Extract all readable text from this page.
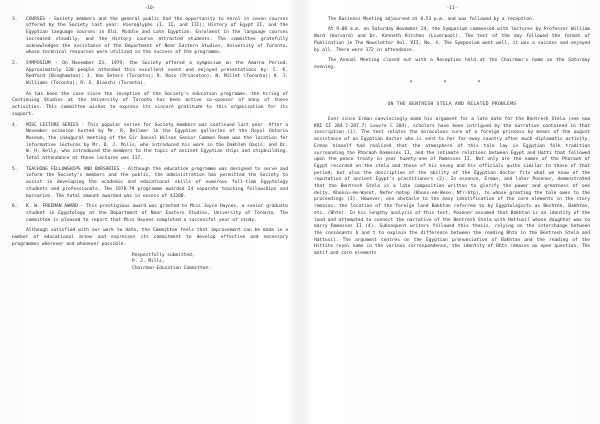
-10-
3.	COURSES - Society members and the general public had the opportunity to enrol in seven courses offered by the Society last year: Hieroglyphs (I, II, and III); History of Egypt II, and the Egyptian language courses in Old, Middle and Late Egyptian. Enrolment in the language courses increased steadily, and the History course attracted students. The committee gratefully acknowledges the assistance of the Department of Near Eastern Studies, University of Toronto, whose technical resources were utilized in the success of the programme.
2.	SYMPOSIUM - On November 23, 1979, the Society offered a symposium on the Amarna Period. Approximately 120 people attended this excellent event and enjoyed presentations by: C. K. Redford (Binghamton); J. Van Seters (Toronto); R. Ross (Princeton); N. Millet (Toronto); K. J. Williams (Toronto); R. S. Bianchi (Toronto).
As has been the case since the inception of the Society's education programme, the hiring of Continuing Studies at the University of Toronto has been active co-sponsor of many of these activities. This committee wishes to express its sincere gratitude to this organization for its support.
4.	MISC LECTURE SERIES - This popular series for Society members was continued last year. After a November occasion hosted by Mr. R. Bellmer in the Egyptian galleries of the Royal Ontario Museum, the inaugural meeting of the Sir Daniel Wilson Senior Common Room was the location for informative lectures by Mr. D. J. Mills, who introduced his work in the Dakhleh Oasis, and Dr. W. H. Kelly, who introduced the members to the topic of ancient Egyptian ships and shipbuilding. Total attendance at these lectures was 117.
5.	TEACHING FELLOWSHIPS AND BURSARIES - Although the education programme was designed to serve and inform the Society's members and the public, the administration has permitted the Society to assist in developing the academic and educational skills of numerous full-time Egyptology students and professionals. The 1978-79 programme awarded 24 separate teaching fellowships and bursaries. The total amount awarded was in excess of $3200.
6.	K. W. FREEMAN AWARD - This prestigious award was granted to Miss Joyce Haynes, a senior graduate student in Egyptology at the Department of Near Eastern Studies, University of Toronto. The committee is pleased to report that Miss Haynes completed a successful year of study.
Although satisfied with our work to date, the Committee feels that improvement can be made in a number of educational areas and expresses its commitment to develop effective and necessary programmes wherever and whenever possible.
Respectfully submitted,
P. J. Mills,
Chairman-Education Committee.
-11-
The Business Meeting adjourned at 8.53 p.m. and was followed by a reception.
At 9.00 a.m. on Saturday November 24, the Symposium commenced with lectures by Professor William Ward (Harvard) and Dr. Kenneth Kitchen (Liverpool). The text of the day followed the format of Publication in The Newsletter Vol. VII, No. 4. The Symposium went well, it was a success and enjoyed by all. There were 172 in attendance.
The Annual Meeting closed out with a Reception held at the Chairman's home on the Saturday evening.
* * *
ON THE BENTRESH STELA AND RELATED PROBLEMS
Ever since Erman convincingly made his argument for a late date for the Bentresh Stela (see now KRI II 284.7-287.7; Louvre C 284), scholars have been intrigued by the narrative contained in that inscription (1). The text relates the miraculous cure of a foreign princess by means of the august assistance of an Egyptian doctor who is sent to her far-away country after much diplomatic activity. Erman himself had realized that the atmosphere of this tale lay in Egyptian folk tradition surrounding the Pharaoh Ramesses II, and the intimate relations between Egypt and Hatti that followed upon the peace treaty in year twenty-one of Ramesses II. Not only are the names of the Pharaoh of Egypt recorded on the stela and those of his envoy and his officials quite similar to those of that period, but also the description of the ability of the Egyptian doctor fits what we know of the reputation of ancient Egypt's practitioners (2). In essence, Erman, and later Posener, demonstrated that the Bentresh Stela is a late composition written to glorify the power and greatness of one deity, Khonsu-em-Waset, Nefer-hotep (Khons-em-Wese, Nfr-htp), to whose granting the tale owes to the proceedings (3). However, one obstacle to the easy identification of the core elements in the story remains: the location of the foreign land Bakhtan referred to by Egyptologists as Bechten, Bakhtan, etc. (Bhtn). In his lengthy analysis of this text, Posener assumed that Bakhtan is an identity of the land and attempted to connect the narrative of the Bentresh Stela with Hattusil whose daughter was to marry Ramesses II (4). Subsequent writers followed this thesis, relying on the interchange between the consonants h and t to explain the difference between the reading Bhtn in the Bentresh Stela and Hattusil. The argument centres on the Egyptian pronunciation of Bakhtan and the reading of the Hittite royal name in the various correspondence, the identity of Bhtn remains an open question. The motif and core elements
